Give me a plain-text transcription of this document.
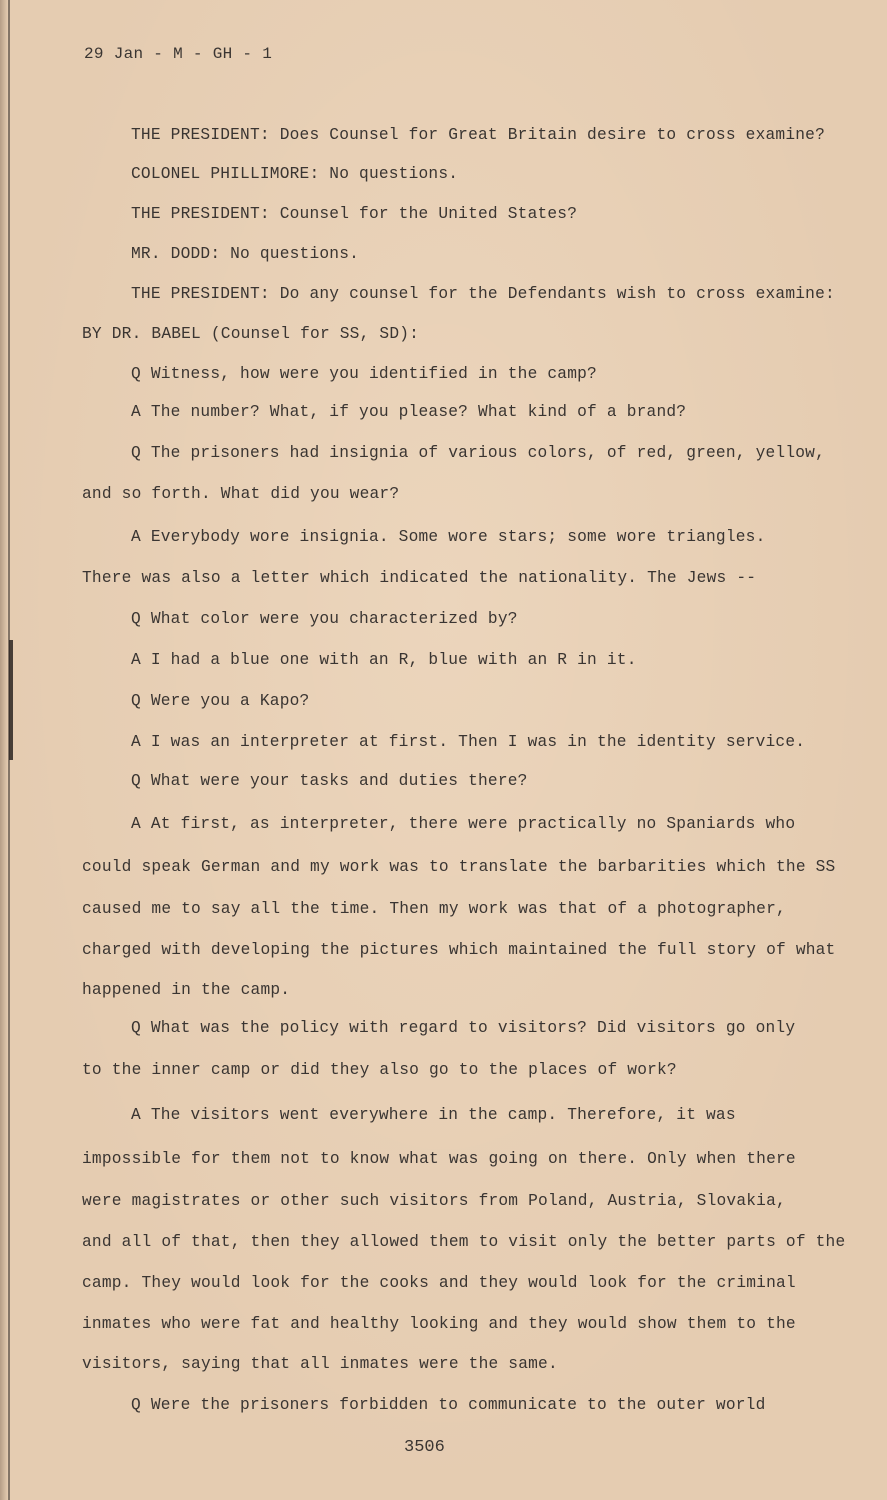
29 Jan - M - GH - 1
THE PRESIDENT: Does Counsel for Great Britain desire to cross examine?
COLONEL PHILLIMORE: No questions.
THE PRESIDENT: Counsel for the United States?
MR. DODD: No questions.
THE PRESIDENT: Do any counsel for the Defendants wish to cross examine:
BY DR. BABEL (Counsel for SS, SD):
Q Witness, how were you identified in the camp?
A The number? What, if you please? What kind of a brand?
Q The prisoners had insignia of various colors, of red, green, yellow,
and so forth. What did you wear?
A Everybody wore insignia. Some wore stars; some wore triangles.
There was also a letter which indicated the nationality. The Jews --
Q What color were you characterized by?
A I had a blue one with an R, blue with an R in it.
Q Were you a Kapo?
A I was an interpreter at first. Then I was in the identity service.
Q What were your tasks and duties there?
A At first, as interpreter, there were practically no Spaniards who
could speak German and my work was to translate the barbarities which the SS
caused me to say all the time. Then my work was that of a photographer,
charged with developing the pictures which maintained the full story of what
happened in the camp.
Q What was the policy with regard to visitors? Did visitors go only
to the inner camp or did they also go to the places of work?
A The visitors went everywhere in the camp. Therefore, it was
impossible for them not to know what was going on there. Only when there
were magistrates or other such visitors from Poland, Austria, Slovakia,
and all of that, then they allowed them to visit only the better parts of the
camp. They would look for the cooks and they would look for the criminal
inmates who were fat and healthy looking and they would show them to the
visitors, saying that all inmates were the same.
Q Were the prisoners forbidden to communicate to the outer world
3506
